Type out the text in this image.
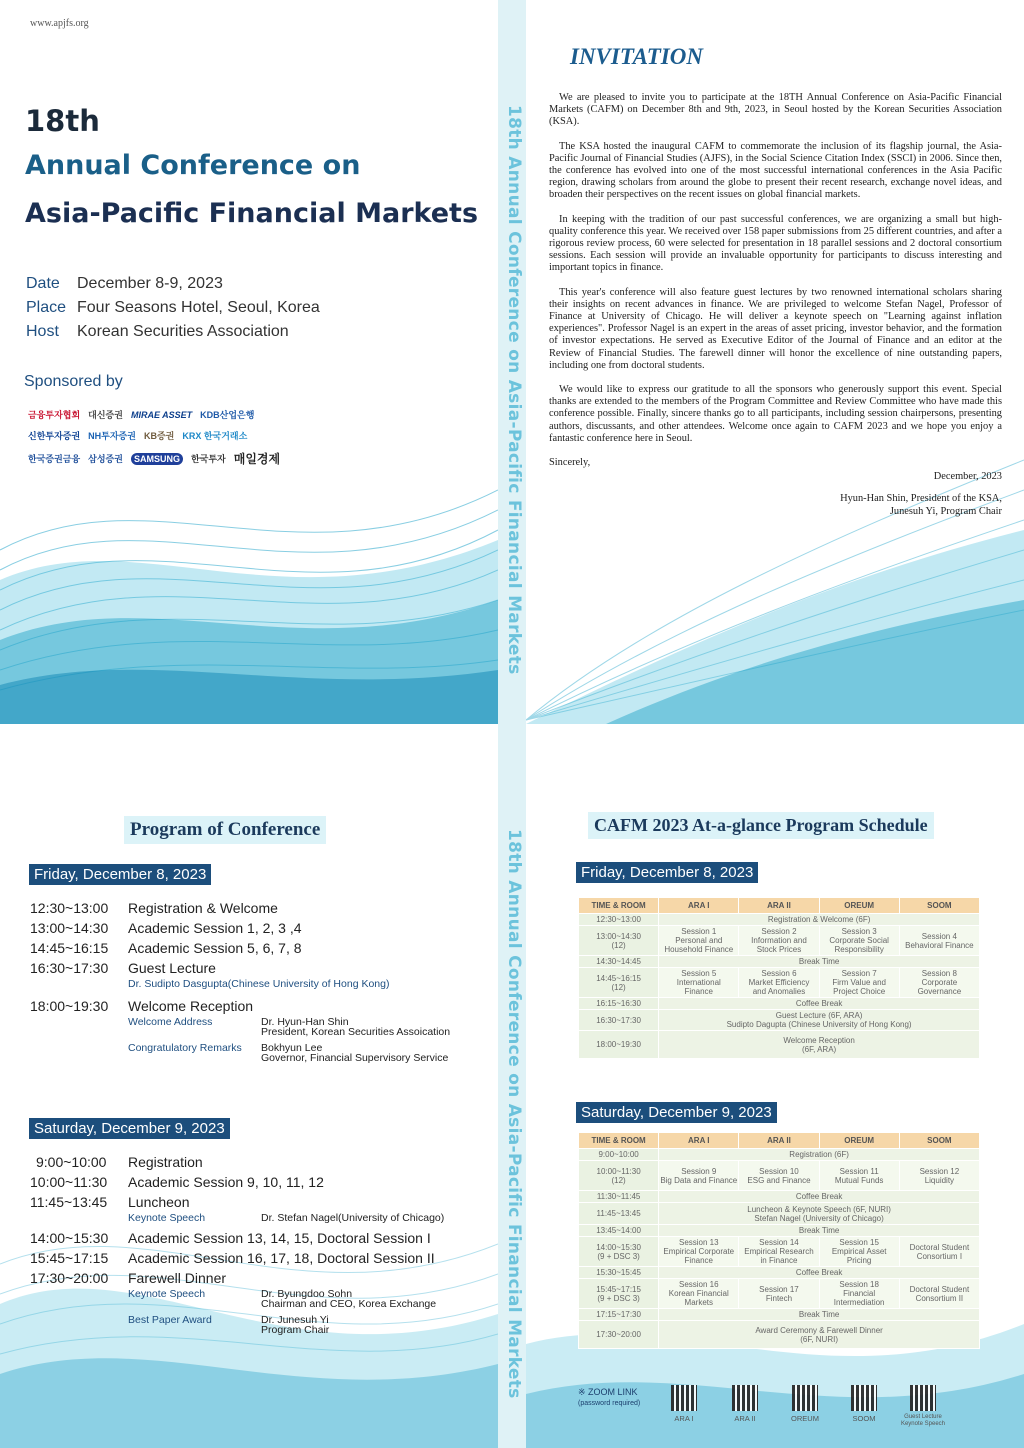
www.apjfs.org
18th
Annual Conference on
Asia-Pacific Financial Markets
Date December 8-9, 2023
Place Four Seasons Hotel, Seoul, Korea
Host Korean Securities Association
Sponsored by
금융투자협회 대신증권 MIRAE ASSET KDB산업은행
신한투자증권 NH투자증권 KB증권 KRX 한국거래소
한국증권금융 삼성증권	SAMSUNG	한국투자 매일경제	18th Annual Conference on Asia-Pacific Financial Markets
INVITATION

We are pleased to invite you to participate at the 18TH Annual Conference on Asia-Pacific Financial Markets (CAFM) on December 8th and 9th, 2023, in Seoul hosted by the Korean Securities Association (KSA).

The KSA hosted the inaugural CAFM to commemorate the inclusion of its flagship journal, the Asia-Pacific Journal of Financial Studies (AJFS), in the Social Science Citation Index (SSCI) in 2006. Since then, the conference has evolved into one of the most successful international conferences in the Asia Pacific region, drawing scholars from around the globe to present their recent research, exchange novel ideas, and broaden their perspectives on the recent issues on global financial markets.

In keeping with the tradition of our past successful conferences, we are organizing a small but high-quality conference this year. We received over 158 paper submissions from 25 different countries, and after a rigorous review process, 60 were selected for presentation in 18 parallel sessions and 2 doctoral consortium sessions. Each session will provide an invaluable opportunity for participants to discuss interesting and important topics in finance.

This year's conference will also feature guest lectures by two renowned international scholars sharing their insights on recent advances in finance. We are privileged to welcome Stefan Nagel, Professor of Finance at University of Chicago. He will deliver a keynote speech on "Learning against inflation experiences". Professor Nagel is an expert in the areas of asset pricing, investor behavior, and the formation of investor expectations. He served as Executive Editor of the Journal of Finance and an editor at the Review of Financial Studies. The farewell dinner will honor the excellence of nine outstanding papers, including one from doctoral students.

We would like to express our gratitude to all the sponsors who generously support this event. Special thanks are extended to the members of the Program Committee and Review Committee who have made this conference possible. Finally, sincere thanks go to all participants, including session chairpersons, presenting authors, discussants, and other attendees. Welcome once again to CAFM 2023 and we hope you enjoy a fantastic conference here in Seoul.

Sincerely,

December, 2023

Hyun-Han Shin, President of the KSA,

Junesuh Yi, Program Chair

18th Annual Conference on Asia-Pacific Financial Markets
Program of Conference
Friday, December 8, 2023
12:30~13:00	Registration & Welcome
13:00~14:30	Academic Session 1, 2, 3 ,4
14:45~16:15	Academic Session 5, 6, 7, 8
16:30~17:30	Guest Lecture
Dr. Sudipto Dasgupta(Chinese University of Hong Kong)
18:00~19:30	Welcome Reception
Welcome Address	Dr. Hyun-Han Shin
President, Korean Securities Assoication
Congratulatory Remarks	Bokhyun Lee
Governor, Financial Supervisory Service
Saturday, December 9, 2023
9:00~10:00	Registration
10:00~11:30	Academic Session 9, 10, 11, 12
11:45~13:45	Luncheon
Keynote Speech	Dr. Stefan Nagel(University of Chicago)
14:00~15:30	Academic Session 13, 14, 15, Doctoral Session I
15:45~17:15	Academic Session 16, 17, 18, Doctoral Session II
17:30~20:00	Farewell Dinner
Keynote Speech	Dr. Byungdoo Sohn
Chairman and CEO, Korea Exchange
Best Paper Award	Dr. Junesuh Yi
Program Chair
CAFM 2023 At-a-glance Program Schedule
Friday, December 8, 2023
TIME & ROOM	ARA I	ARA II	OREUM	SOOM
12:30~13:00	Registration & Welcome (6F)			
13:00~14:30
(12)	Session 1
Personal and
Household Finance	Session 2
Information and
Stock Prices	Session 3
Corporate Social
Responsibility	Session 4
Behavioral Finance
14:30~14:45	Break Time			
14:45~16:15
(12)	Session 5
International
Finance	Session 6
Market Efficiency
and Anomalies	Session 7
Firm Value and
Project Choice	Session 8
Corporate
Governance
16:15~16:30	Coffee Break			
16:30~17:30	Guest Lecture (6F, ARA)
Sudipto Dagupta (Chinese University of Hong Kong)			
18:00~19:30	Welcome Reception
(6F, ARA)			
Saturday, December 9, 2023
TIME & ROOM	ARA I	ARA II	OREUM	SOOM
9:00~10:00	Registration (6F)			
10:00~11:30
(12)	Session 9
Big Data and Finance	Session 10
ESG and Finance	Session 11
Mutual Funds	Session 12
Liquidity
11:30~11:45	Coffee Break			
11:45~13:45	Luncheon & Keynote Speech (6F, NURI)
Stefan Nagel (University of Chicago)			
13:45~14:00	Break Time			
14:00~15:30
(9 + DSC 3)	Session 13
Empirical Corporate
Finance	Session 14
Empirical Research
in Finance	Session 15
Empirical Asset
Pricing	Doctoral Student
Consortium I
15:30~15:45	Coffee Break			
15:45~17:15
(9 + DSC 3)	Session 16
Korean Financial
Markets	Session 17
Fintech	Session 18
Financial
Intermediation	Doctoral Student
Consortium II
17:15~17:30	Break Time			
17:30~20:00	Award Ceremony & Farewell Dinner
(6F, NURI)			
※ ZOOM LINK
(password required)
ARA I	ARA II	OREUM	SOOM	Guest Lecture Keynote Speech
